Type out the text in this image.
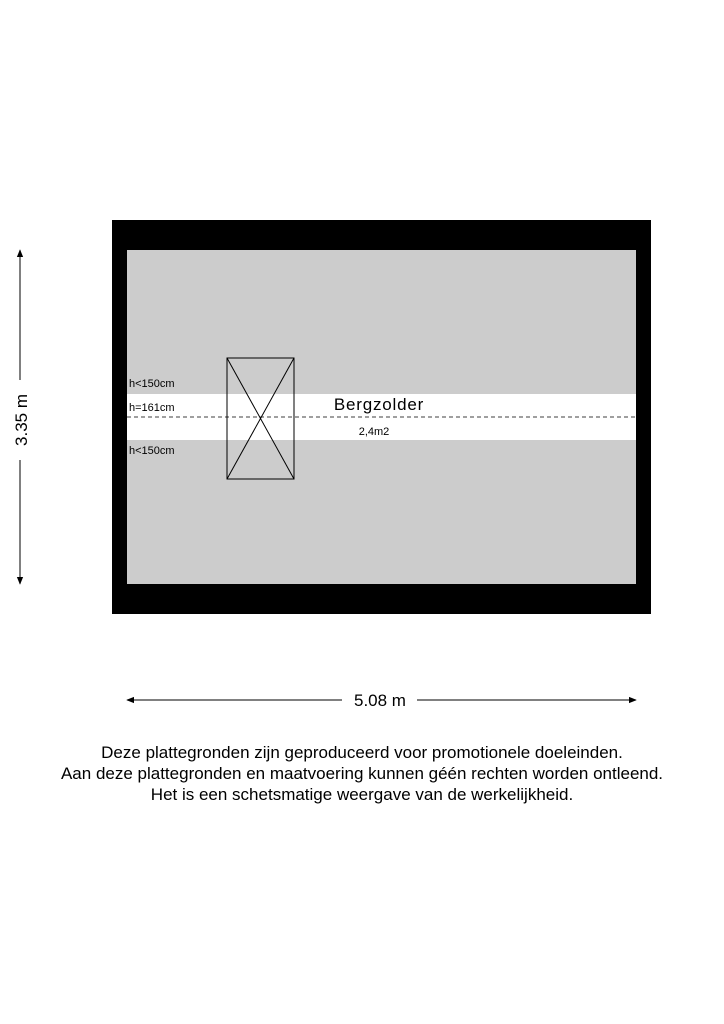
h<150cm
h=161cm
h<150cm
Bergzolder
2,4m2
3.35 m
5.08 m
Deze plattegronden zijn geproduceerd voor promotionele doeleinden.
Aan deze plattegronden en maatvoering kunnen géén rechten worden ontleend.
Het is een schetsmatige weergave van de werkelijkheid.
